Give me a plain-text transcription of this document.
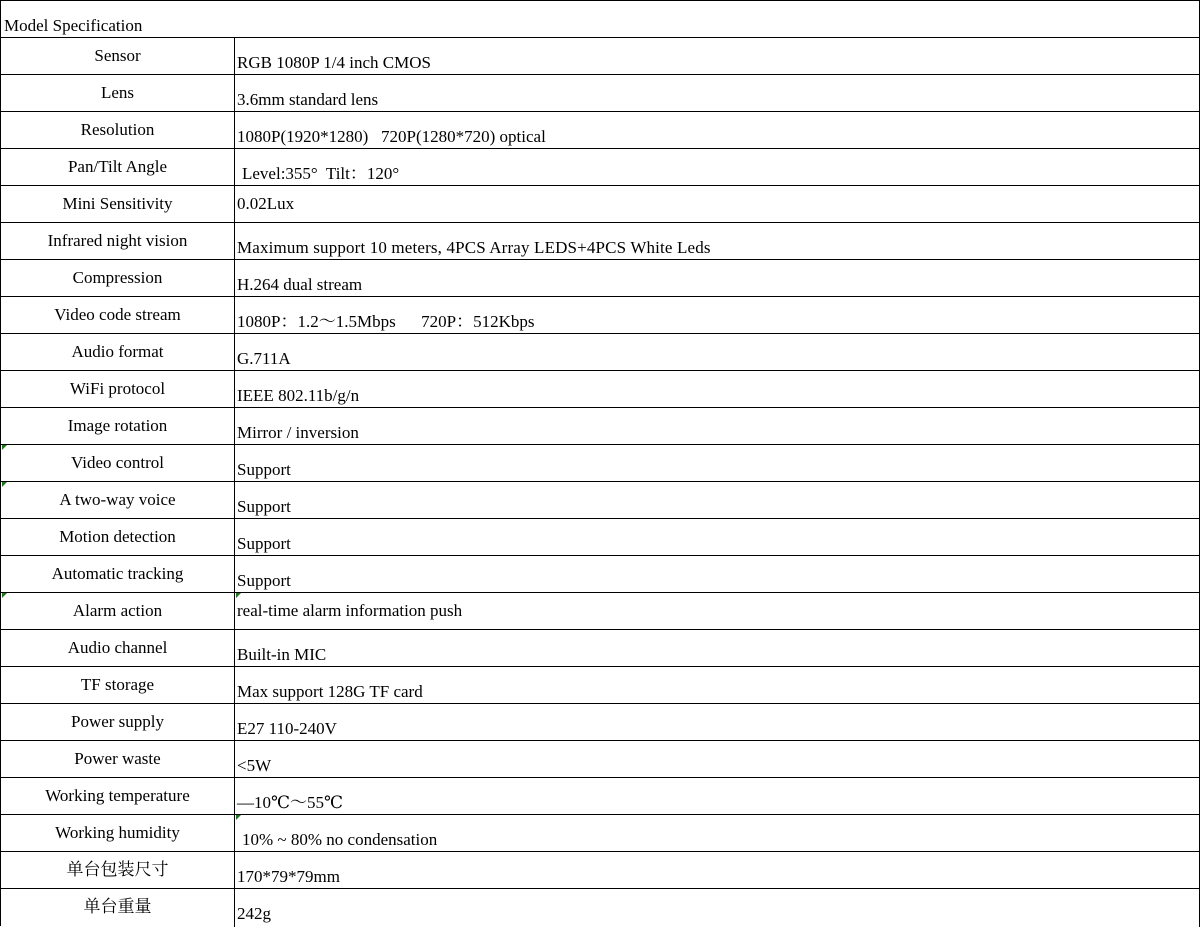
Model Specification
Sensor	RGB 1080P 1/4 inch CMOS
Lens	3.6mm standard lens
Resolution	1080P(1920*1280)   720P(1280*720) optical
Pan/Tilt Angle	Level:355°  Tilt：120°
Mini Sensitivity	0.02Lux
Infrared night vision	Maximum support 10 meters, 4PCS Array LEDS+4PCS White Leds
Compression	H.264 dual stream
Video code stream	1080P：1.2～1.5Mbps      720P：512Kbps
Audio format	G.711A
WiFi protocol	IEEE 802.11b/g/n
Image rotation	Mirror / inversion
Video control	Support
A two-way voice	Support
Motion detection	Support
Automatic tracking	Support
Alarm action	real-time alarm information push
Audio channel	Built-in MIC
TF storage	Max support 128G TF card
Power supply	E27 110-240V
Power waste	<5W
Working temperature	—10℃～55℃
Working humidity	10% ~ 80% no condensation
单台包装尺寸	170*79*79mm
单台重量	242g
